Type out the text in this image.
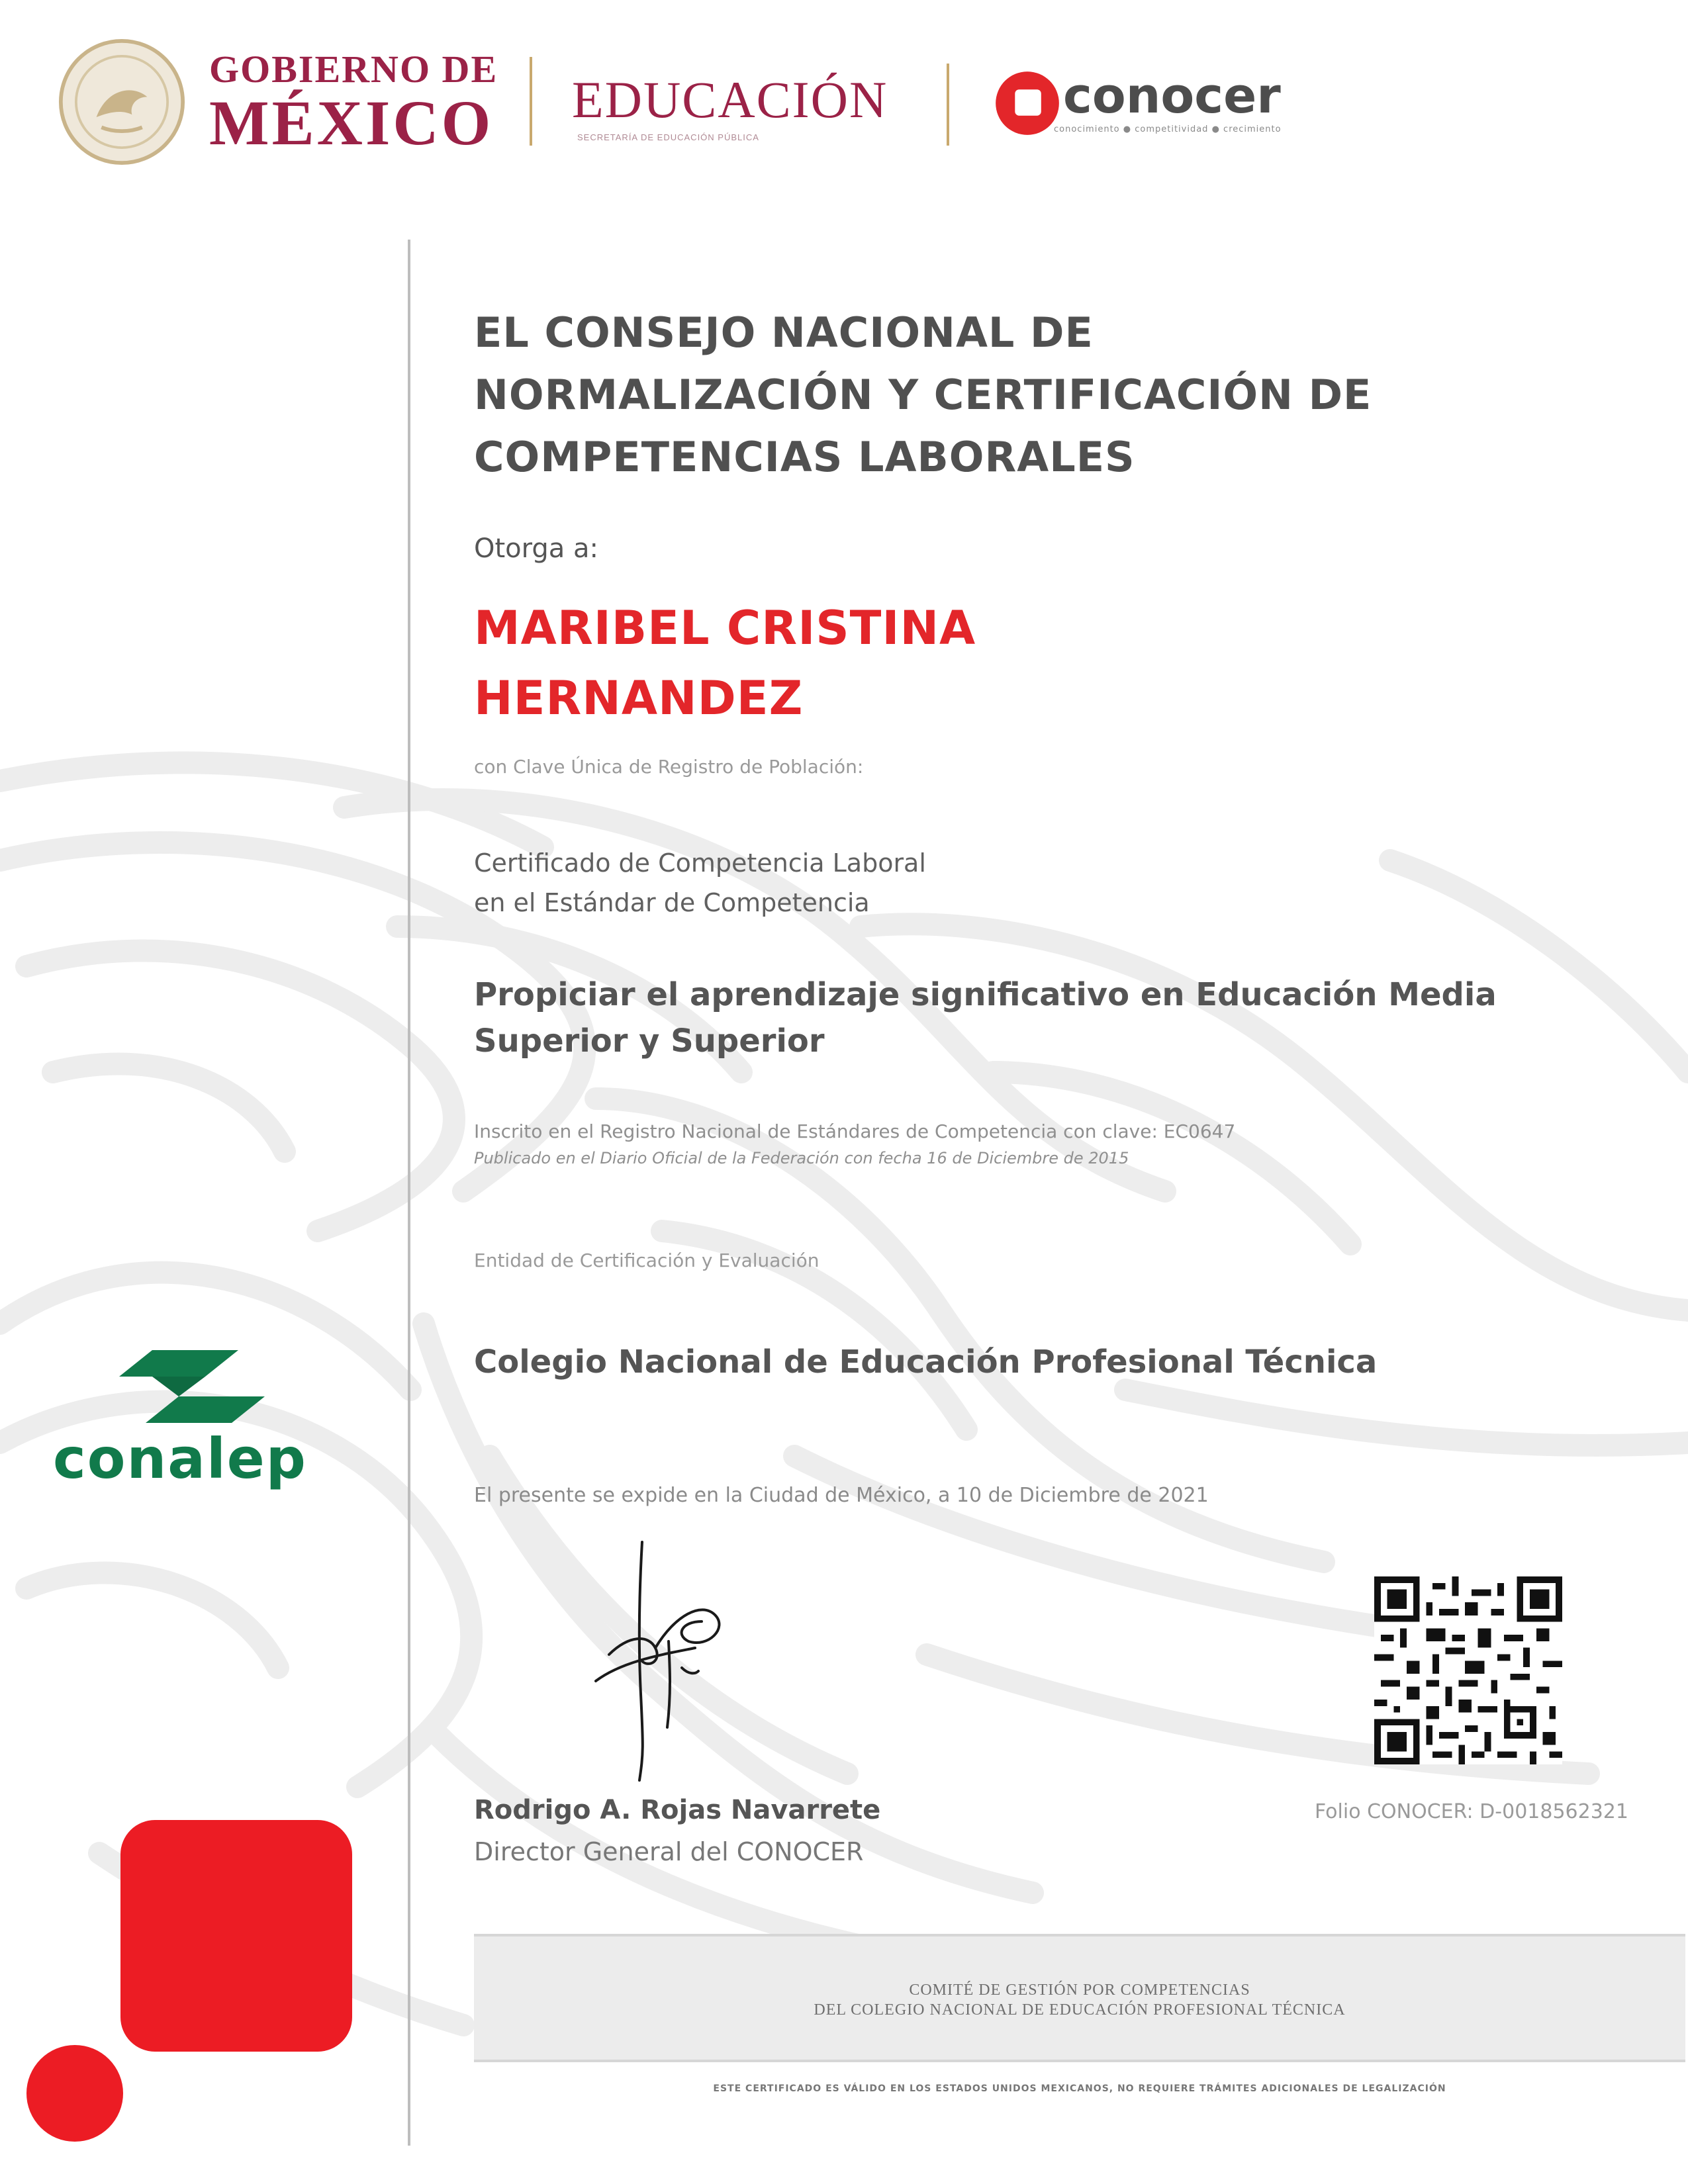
GOBIERNO DE
MÉXICO EDUCACIÓN
SECRETARÍA DE EDUCACIÓN PÚBLICA
conocer
conocimiento ● competitividad ● crecimiento
EL CONSEJO NACIONAL DE
NORMALIZACIÓN Y CERTIFICACIÓN DE
COMPETENCIAS LABORALES
Otorga a:
MARIBEL CRISTINA
HERNANDEZ
con Clave Única de Registro de Población:
Certificado de Competencia Laboral
en el Estándar de Competencia
Propiciar el aprendizaje significativo en Educación Media
Superior y Superior
Inscrito en el Registro Nacional de Estándares de Competencia con clave: EC0647
Publicado en el Diario Oficial de la Federación con fecha 16 de Diciembre de 2015
Entidad de Certificación y Evaluación
Colegio Nacional de Educación Profesional Técnica
El presente se expide en la Ciudad de México, a 10 de Diciembre de 2021
Rodrigo A. Rojas Navarrete
Director General del CONOCER
Folio CONOCER: D-0018562321
COMITÉ DE GESTIÓN POR COMPETENCIAS
DEL COLEGIO NACIONAL DE EDUCACIÓN PROFESIONAL TÉCNICA
ESTE CERTIFICADO ES VÁLIDO EN LOS ESTADOS UNIDOS MEXICANOS, NO REQUIERE TRÁMITES ADICIONALES DE LEGALIZACIÓN
conalep
